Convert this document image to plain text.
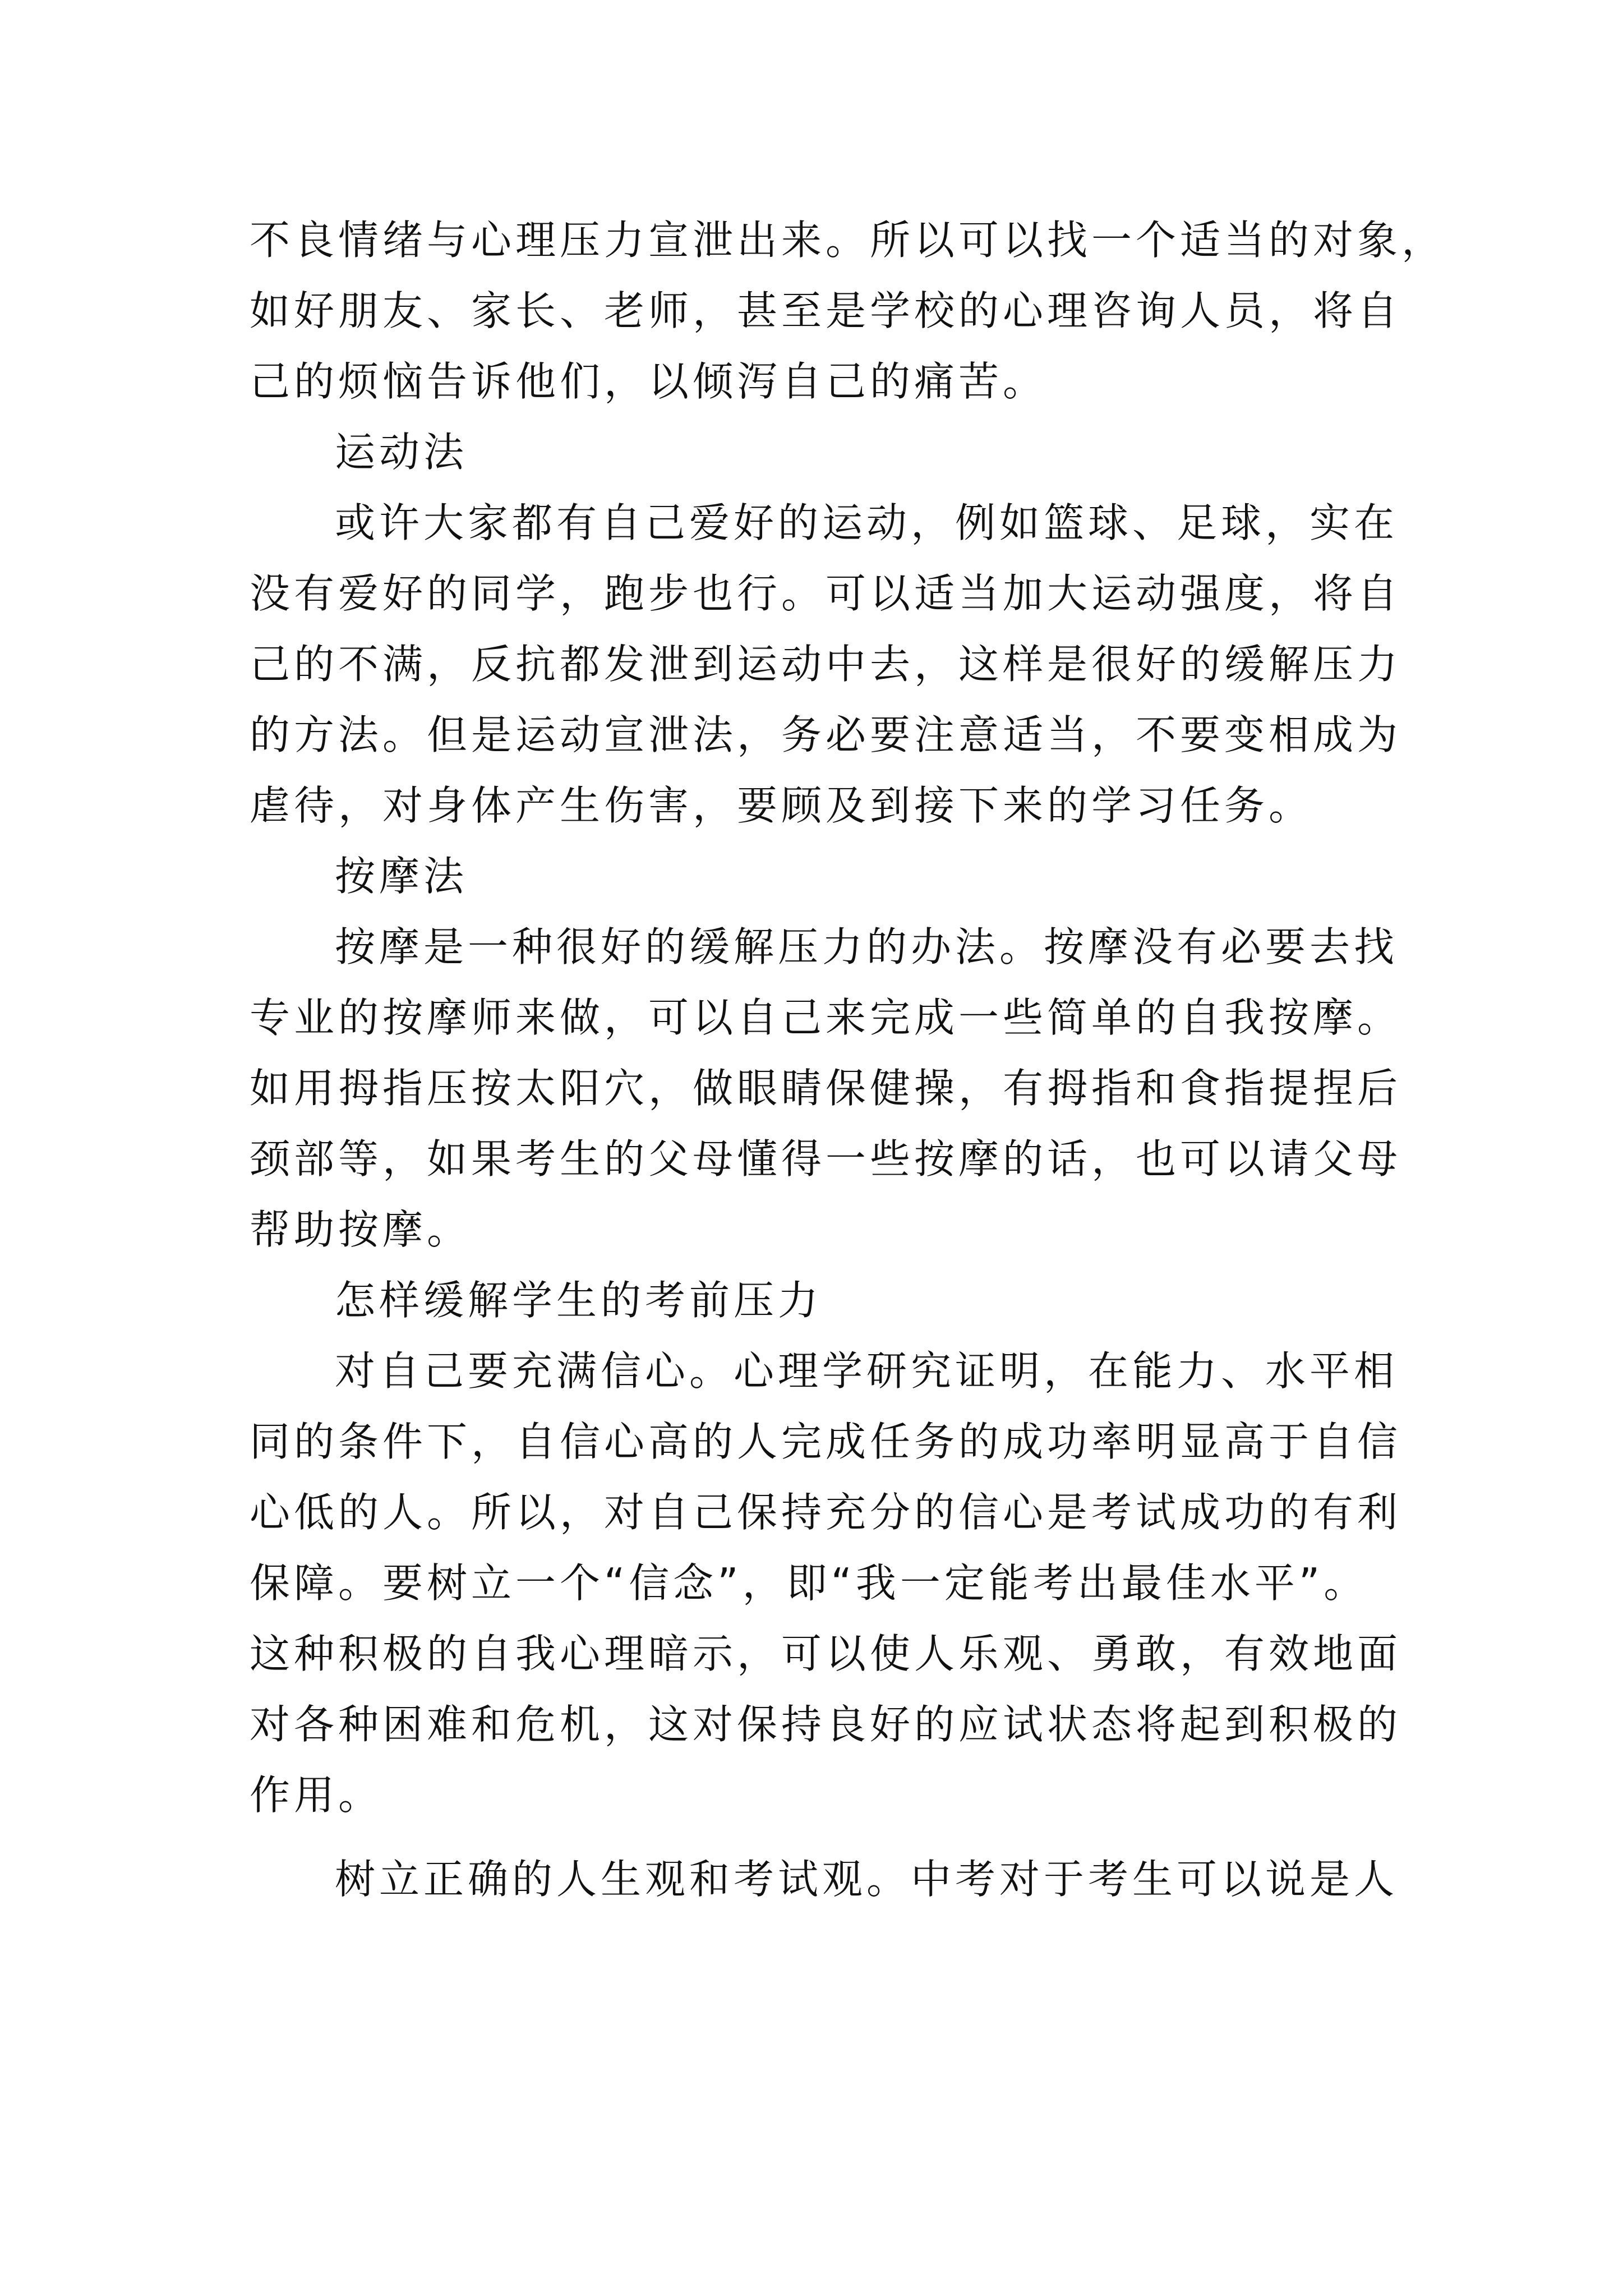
不良情绪与心理压力宣泄出来。所以可以找一个适当的对象，
如好朋友、家长、老师，甚至是学校的心理咨询人员，将自
己的烦恼告诉他们，以倾泻自己的痛苦。
运动法
或许大家都有自己爱好的运动，例如篮球、足球，实在
没有爱好的同学，跑步也行。可以适当加大运动强度，将自
己的不满，反抗都发泄到运动中去，这样是很好的缓解压力
的方法。但是运动宣泄法，务必要注意适当，不要变相成为
虐待，对身体产生伤害，要顾及到接下来的学习任务。
按摩法
按摩是一种很好的缓解压力的办法。按摩没有必要去找
专业的按摩师来做，可以自己来完成一些简单的自我按摩。
如用拇指压按太阳穴，做眼睛保健操，有拇指和食指提捏后
颈部等，如果考生的父母懂得一些按摩的话，也可以请父母
帮助按摩。
怎样缓解学生的考前压力
对自己要充满信心。心理学研究证明，在能力、水平相
同的条件下，自信心高的人完成任务的成功率明显高于自信
心低的人。所以，对自己保持充分的信心是考试成功的有利
保障。要树立一个“信念”，即“我一定能考出最佳水平”。
这种积极的自我心理暗示，可以使人乐观、勇敢，有效地面
对各种困难和危机，这对保持良好的应试状态将起到积极的
作用。
树立正确的人生观和考试观。中考对于考生可以说是人
